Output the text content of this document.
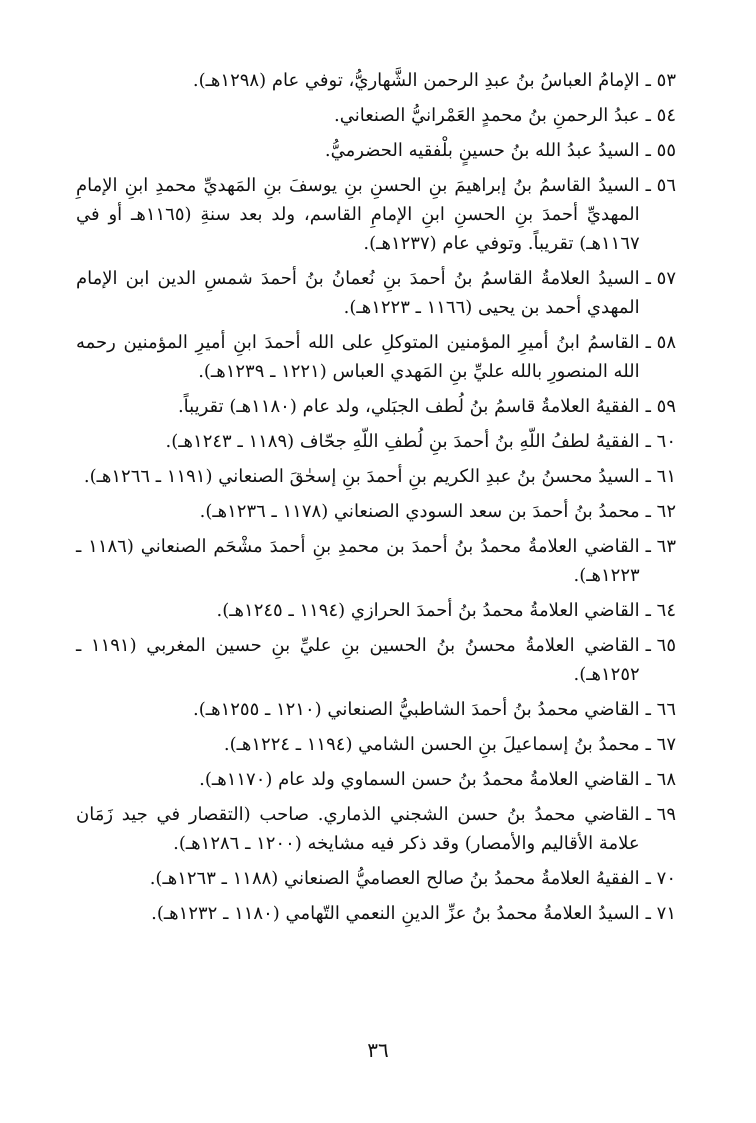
٥٣ ـ
الإمامُ العباسُ بنُ عبدِ الرحمن الشَّهاريُّ، توفي عام (١٢٩٨هـ).
٥٤ ـ
عبدُ الرحمنِ بنُ محمدٍ العَمْرانيُّ الصنعاني.
٥٥ ـ
السيدُ عبدُ الله بنُ حسينٍ بلْفقيه الحضرميُّ.
٥٦ ـ
السيدُ القاسمُ بنُ إبراهيمَ بنِ الحسنِ بنِ يوسفَ بنِ المَهديِّ محمدِ ابنِ الإمامِ المهديِّ أحمدَ بنِ الحسنِ ابنِ الإمامِ القاسم، ولد بعد سنةِ (١١٦٥هـ أو في ١١٦٧هـ) تقريباً. وتوفي عام (١٢٣٧هـ).
٥٧ ـ
السيدُ العلامةُ القاسمُ بنُ أحمدَ بنِ نُعمانُ بنُ أحمدَ شمسِ الدين ابن الإمام المهدي أحمد بن يحيى (١١٦٦ ـ ١٢٢٣هـ).
٥٨ ـ
القاسمُ ابنُ أميرِ المؤمنين المتوكلِ على الله أحمدَ ابنِ أميرِ المؤمنين رحمه الله المنصورِ بالله عليِّ بنِ المَهدي العباس (١٢٢١ ـ ١٢٣٩هـ).
٥٩ ـ
الفقيهُ العلامةُ قاسمُ بنُ لُطف الجبَلي، ولد عام (١١٨٠هـ) تقريباً.
٦٠ ـ
الفقيهُ لطفُ اللّهِ بنُ أحمدَ بنِ لُطفِ اللّهِ جحّاف (١١٨٩ ـ ١٢٤٣هـ).
٦١ ـ
السيدُ محسنُ بنُ عبدِ الكريم بنِ أحمدَ بنِ إسحٰقَ الصنعاني (١١٩١ ـ ١٢٦٦هـ).
٦٢ ـ
محمدُ بنُ أحمدَ بن سعد السودي الصنعاني (١١٧٨ ـ ١٢٣٦هـ).
٦٣ ـ
القاضي العلامةُ محمدُ بنُ أحمدَ بن محمدِ بنِ أحمدَ مشْحَم الصنعاني (١١٨٦ ـ ١٢٢٣هـ).
٦٤ ـ
القاضي العلامةُ محمدُ بنُ أحمدَ الحرازي (١١٩٤ ـ ١٢٤٥هـ).
٦٥ ـ
القاضي العلامةُ محسنُ بنُ الحسين بنِ عليِّ بنِ حسين المغربي (١١٩١ ـ ١٢٥٢هـ).
٦٦ ـ
القاضي محمدُ بنُ أحمدَ الشاطبيُّ الصنعاني (١٢١٠ ـ ١٢٥٥هـ).
٦٧ ـ
محمدُ بنُ إسماعيلَ بنِ الحسن الشامي (١١٩٤ ـ ١٢٢٤هـ).
٦٨ ـ
القاضي العلامةُ محمدُ بنُ حسن السماوي ولد عام (١١٧٠هـ).
٦٩ ـ
القاضي محمدُ بنُ حسن الشجني الذماري. صاحب (التقصار في جيد زَمَان علامة الأقاليم والأمصار) وقد ذكر فيه مشايخه (١٢٠٠ ـ ١٢٨٦هـ).
٧٠ ـ
الفقيهُ العلامةُ محمدُ بنُ صالح العصاميُّ الصنعاني (١١٨٨ ـ ١٢٦٣هـ).
٧١ ـ
السيدُ العلامةُ محمدُ بنُ عزِّ الدينِ النعمي التّهامي (١١٨٠ ـ ١٢٣٢هـ).
٣٦
